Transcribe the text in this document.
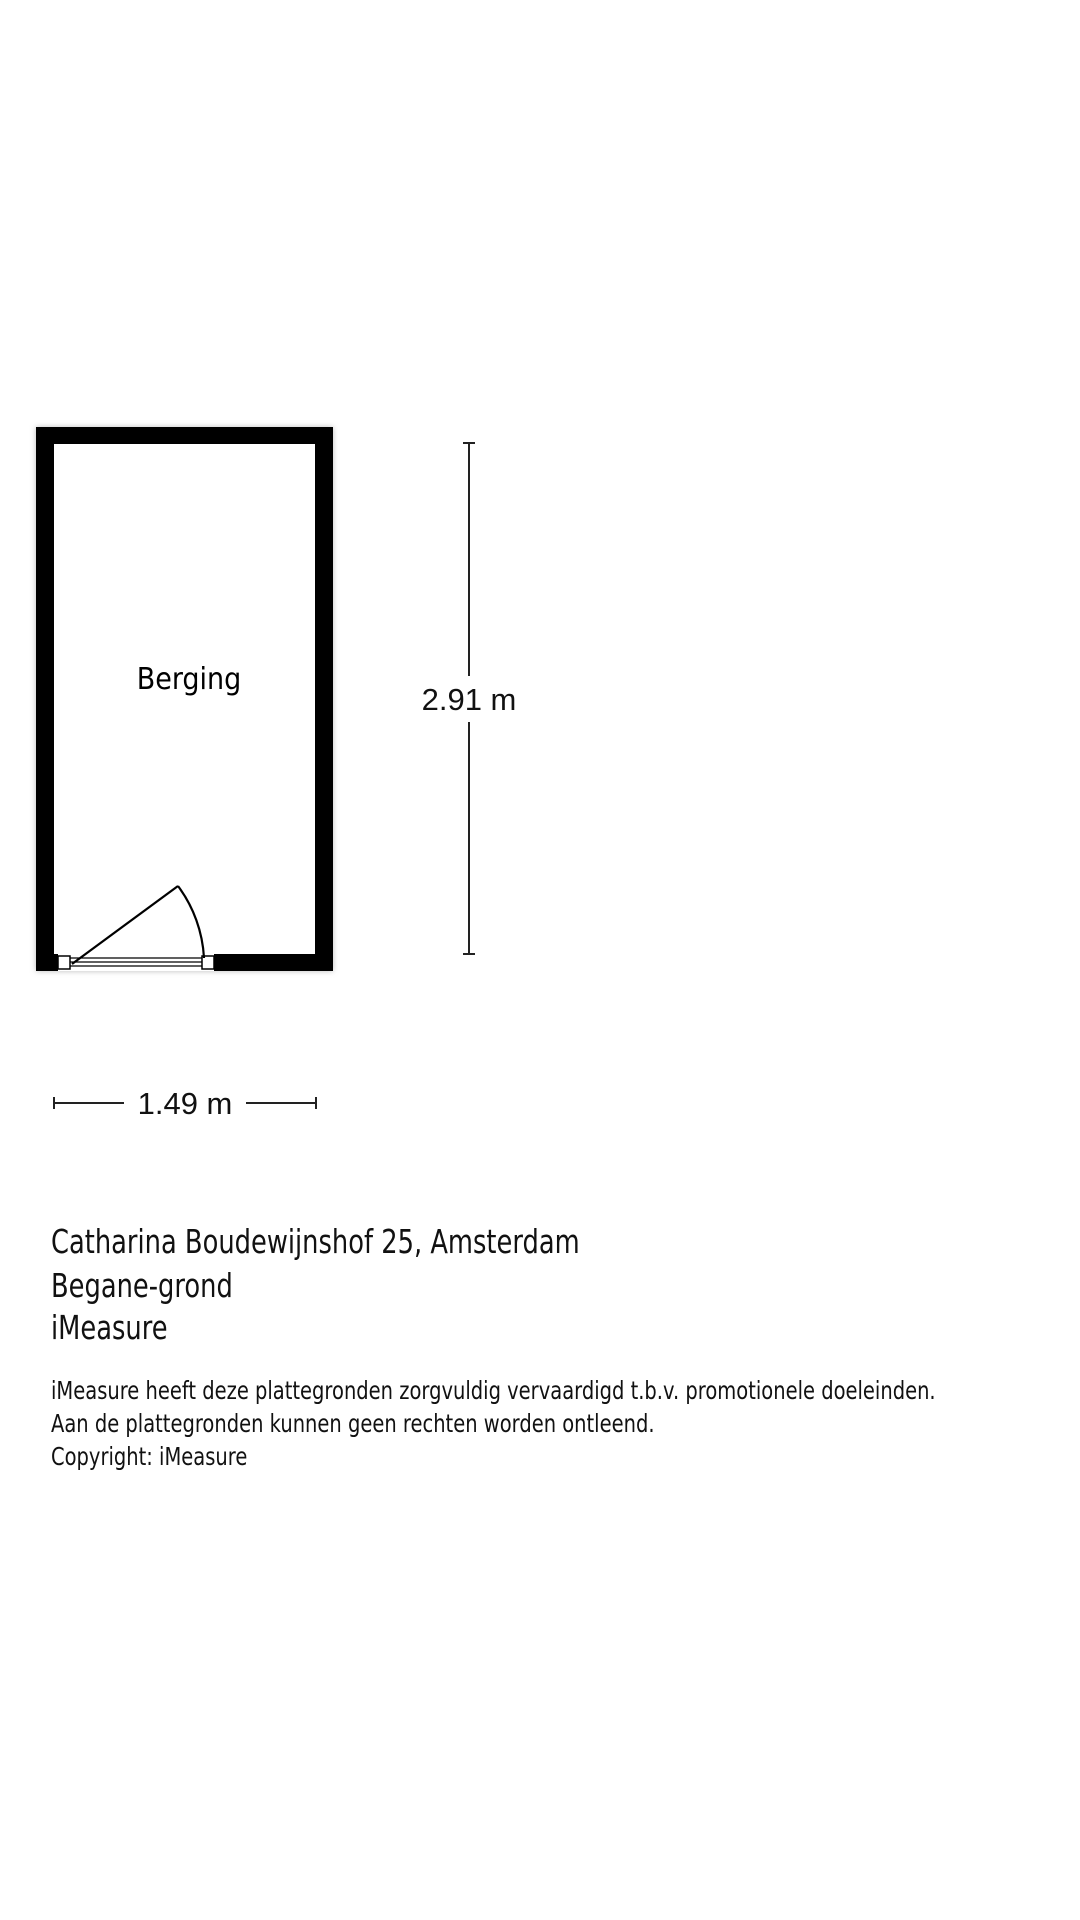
Berging
2.91 m
1.49 m
Catharina Boudewijnshof 25, Amsterdam
Begane-grond
iMeasure
iMeasure heeft deze plattegronden zorgvuldig vervaardigd t.b.v. promotionele doeleinden.
Aan de plattegronden kunnen geen rechten worden ontleend.
Copyright: iMeasure
